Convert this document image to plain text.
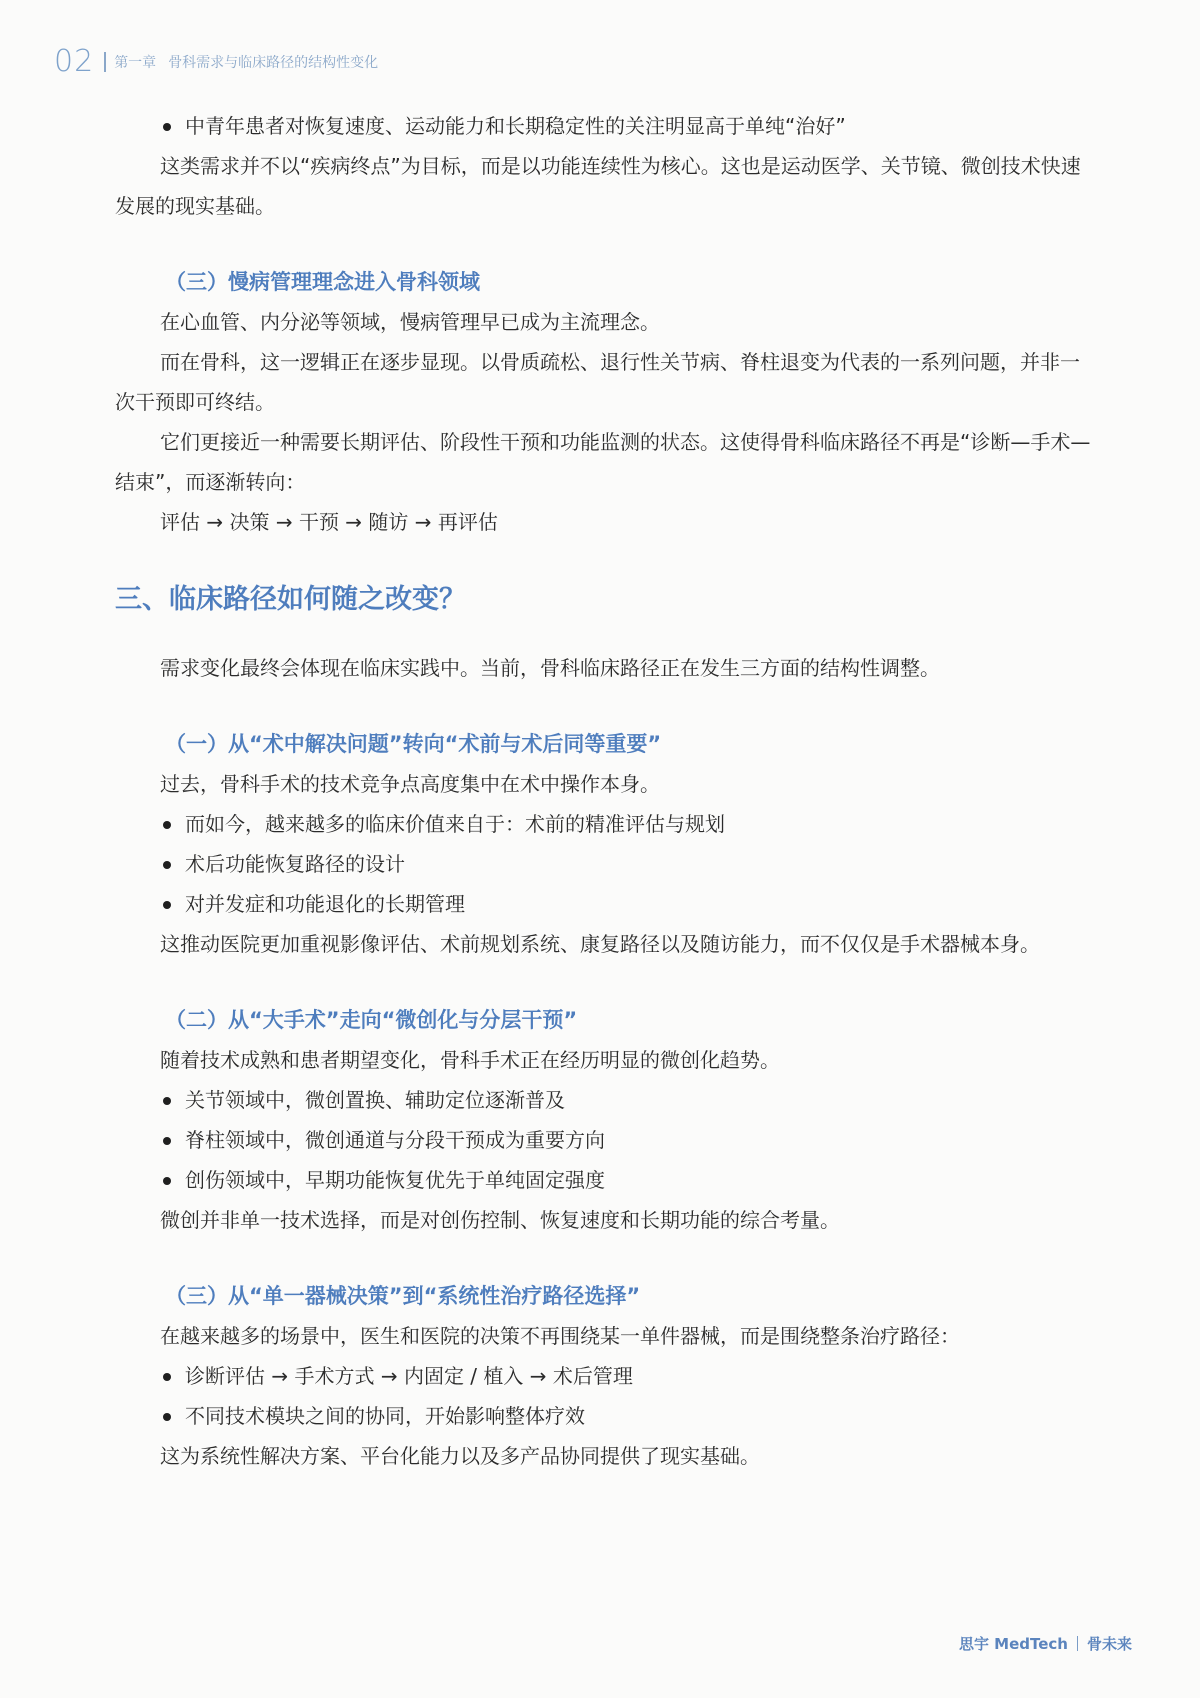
02 第一章 骨科需求与临床路径的结构性变化
中青年患者对恢复速度、运动能力和长期稳定性的关注明显高于单纯“治好”

这类需求并不以“疾病终点”为目标，而是以功能连续性为核心。这也是运动医学、关节镜、微创技术快速发展的现实基础。

（三）慢病管理理念进入骨科领域

在心血管、内分泌等领域，慢病管理早已成为主流理念。

而在骨科，这一逻辑正在逐步显现。以骨质疏松、退行性关节病、脊柱退变为代表的一系列问题，并非一次干预即可终结。

它们更接近一种需要长期评估、阶段性干预和功能监测的状态。这使得骨科临床路径不再是“诊断—手术—结束”，而逐渐转向：

评估 → 决策 → 干预 → 随访 → 再评估

三、临床路径如何随之改变？

需求变化最终会体现在临床实践中。当前，骨科临床路径正在发生三方面的结构性调整。

（一）从“术中解决问题”转向“术前与术后同等重要”

过去，骨科手术的技术竞争点高度集中在术中操作本身。

而如今，越来越多的临床价值来自于：术前的精准评估与规划
术后功能恢复路径的设计
对并发症和功能退化的长期管理

这推动医院更加重视影像评估、术前规划系统、康复路径以及随访能力，而不仅仅是手术器械本身。

（二）从“大手术”走向“微创化与分层干预”

随着技术成熟和患者期望变化，骨科手术正在经历明显的微创化趋势。

关节领域中，微创置换、辅助定位逐渐普及
脊柱领域中，微创通道与分段干预成为重要方向
创伤领域中，早期功能恢复优先于单纯固定强度

微创并非单一技术选择，而是对创伤控制、恢复速度和长期功能的综合考量。

（三）从“单一器械决策”到“系统性治疗路径选择”

在越来越多的场景中，医生和医院的决策不再围绕某一单件器械，而是围绕整条治疗路径：

诊断评估 → 手术方式 → 内固定 / 植入 → 术后管理
不同技术模块之间的协同，开始影响整体疗效

这为系统性解决方案、平台化能力以及多产品协同提供了现实基础。

思宇 MedTech 骨未来
